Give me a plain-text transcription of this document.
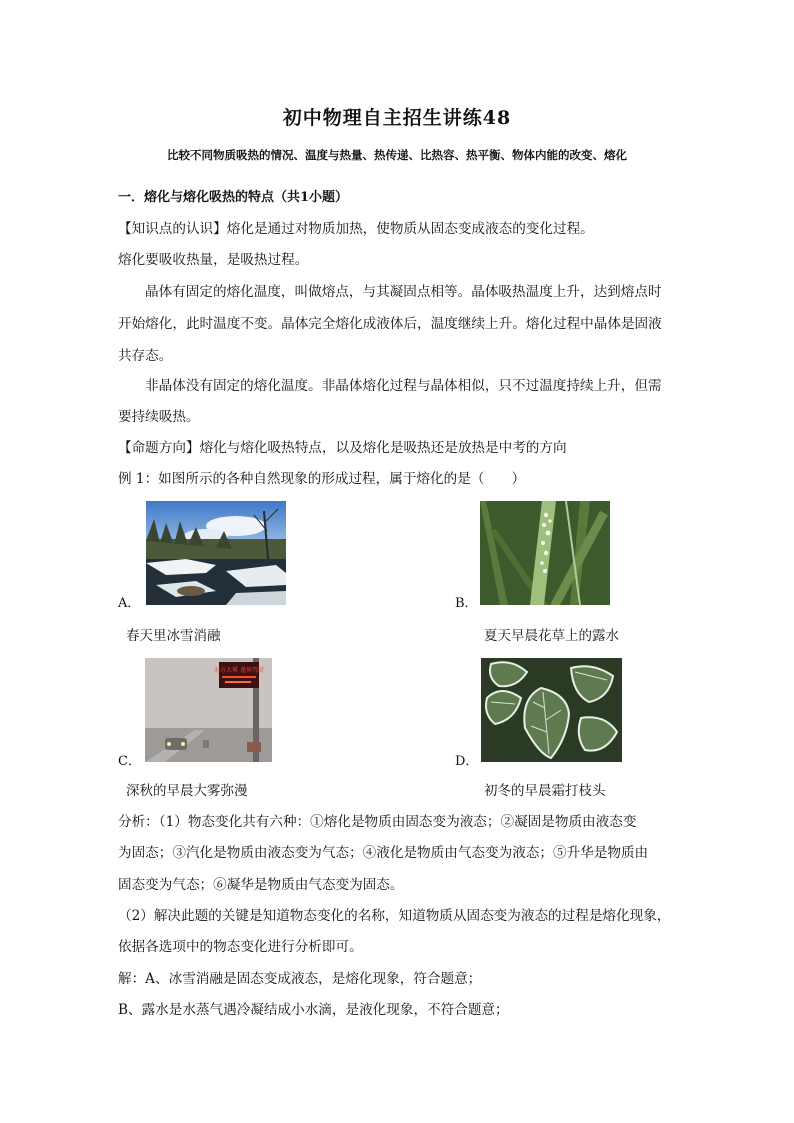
初中物理自主招生讲练48
比较不同物质吸热的情况、温度与热量、热传递、比热容、热平衡、物体内能的改变、熔化
一．熔化与熔化吸热的特点（共1小题）
【知识点的认识】熔化是通过对物质加热，使物质从固态变成液态的变化过程。
熔化要吸收热量，是吸热过程。
晶体有固定的熔化温度，叫做熔点，与其凝固点相等。晶体吸热温度上升，达到熔点时
开始熔化，此时温度不变。晶体完全熔化成液体后，温度继续上升。熔化过程中晶体是固液
共存态。
非晶体没有固定的熔化温度。非晶体熔化过程与晶体相似，只不过温度持续上升，但需
要持续吸热。
【命题方向】熔化与熔化吸热特点，以及熔化是吸热还是放热是中考的方向
例 1：如图所示的各种自然现象的形成过程，属于熔化的是（　　）
A．
春天里冰雪消融
B．
夏天早晨花草上的露水
C．
前方大雾 谨慎驾驶
深秋的早晨大雾弥漫
D．
初冬的早晨霜打枝头
分析：（1）物态变化共有六种：①熔化是物质由固态变为液态；②凝固是物质由液态变
为固态；③汽化是物质由液态变为气态；④液化是物质由气态变为液态；⑤升华是物质由
固态变为气态；⑥凝华是物质由气态变为固态。
（2）解决此题的关键是知道物态变化的名称，知道物质从固态变为液态的过程是熔化现象，
依据各选项中的物态变化进行分析即可。
解：A、冰雪消融是固态变成液态，是熔化现象，符合题意；
B、露水是水蒸气遇冷凝结成小水滴，是液化现象，不符合题意；
